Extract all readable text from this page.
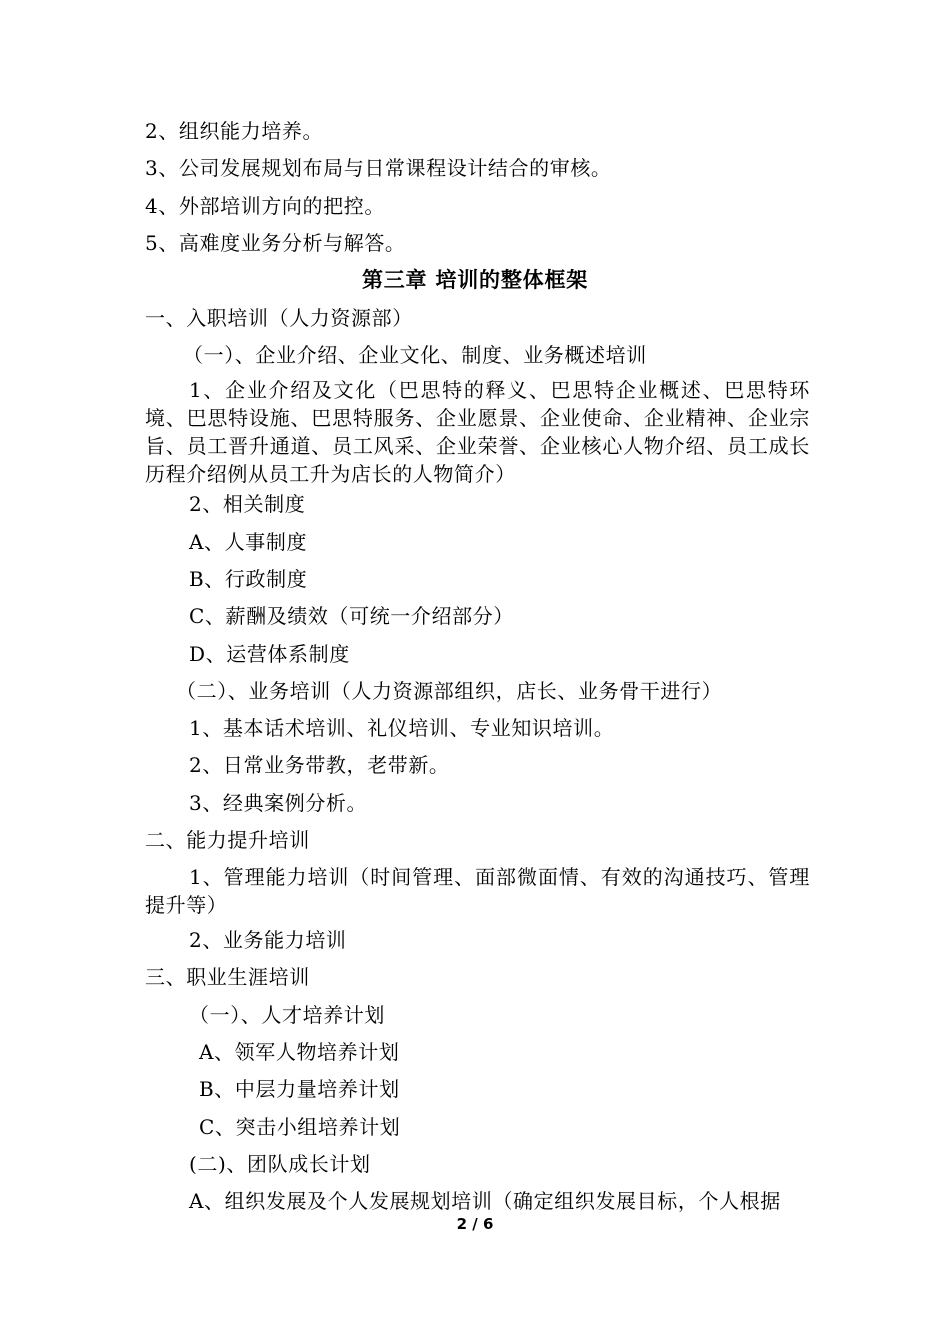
2、组织能力培养。
3、公司发展规划布局与日常课程设计结合的审核。
4、外部培训方向的把控。
5、高难度业务分析与解答。
第三章 培训的整体框架
一、入职培训（人力资源部）
（一）、企业介绍、企业文化、制度、业务概述培训
1、企业介绍及文化（巴思特的释义、巴思特企业概述、巴思特环境、巴思特设施、巴思特服务、企业愿景、企业使命、企业精神、企业宗旨、员工晋升通道、员工风采、企业荣誉、企业核心人物介绍、员工成长历程介绍例从员工升为店长的人物简介）
2、相关制度
A、人事制度
B、行政制度
C、薪酬及绩效（可统一介绍部分）
D、运营体系制度
（二）、业务培训（人力资源部组织，店长、业务骨干进行）
1、基本话术培训、礼仪培训、专业知识培训。
2、日常业务带教，老带新。
3、经典案例分析。
二、能力提升培训
1、管理能力培训（时间管理、面部微面情、有效的沟通技巧、管理提升等）
2、业务能力培训
三、职业生涯培训
（一）、人才培养计划
A、领军人物培养计划
B、中层力量培养计划
C、突击小组培养计划
(二)、团队成长计划
A、组织发展及个人发展规划培训（确定组织发展目标，个人根据
2 / 6
